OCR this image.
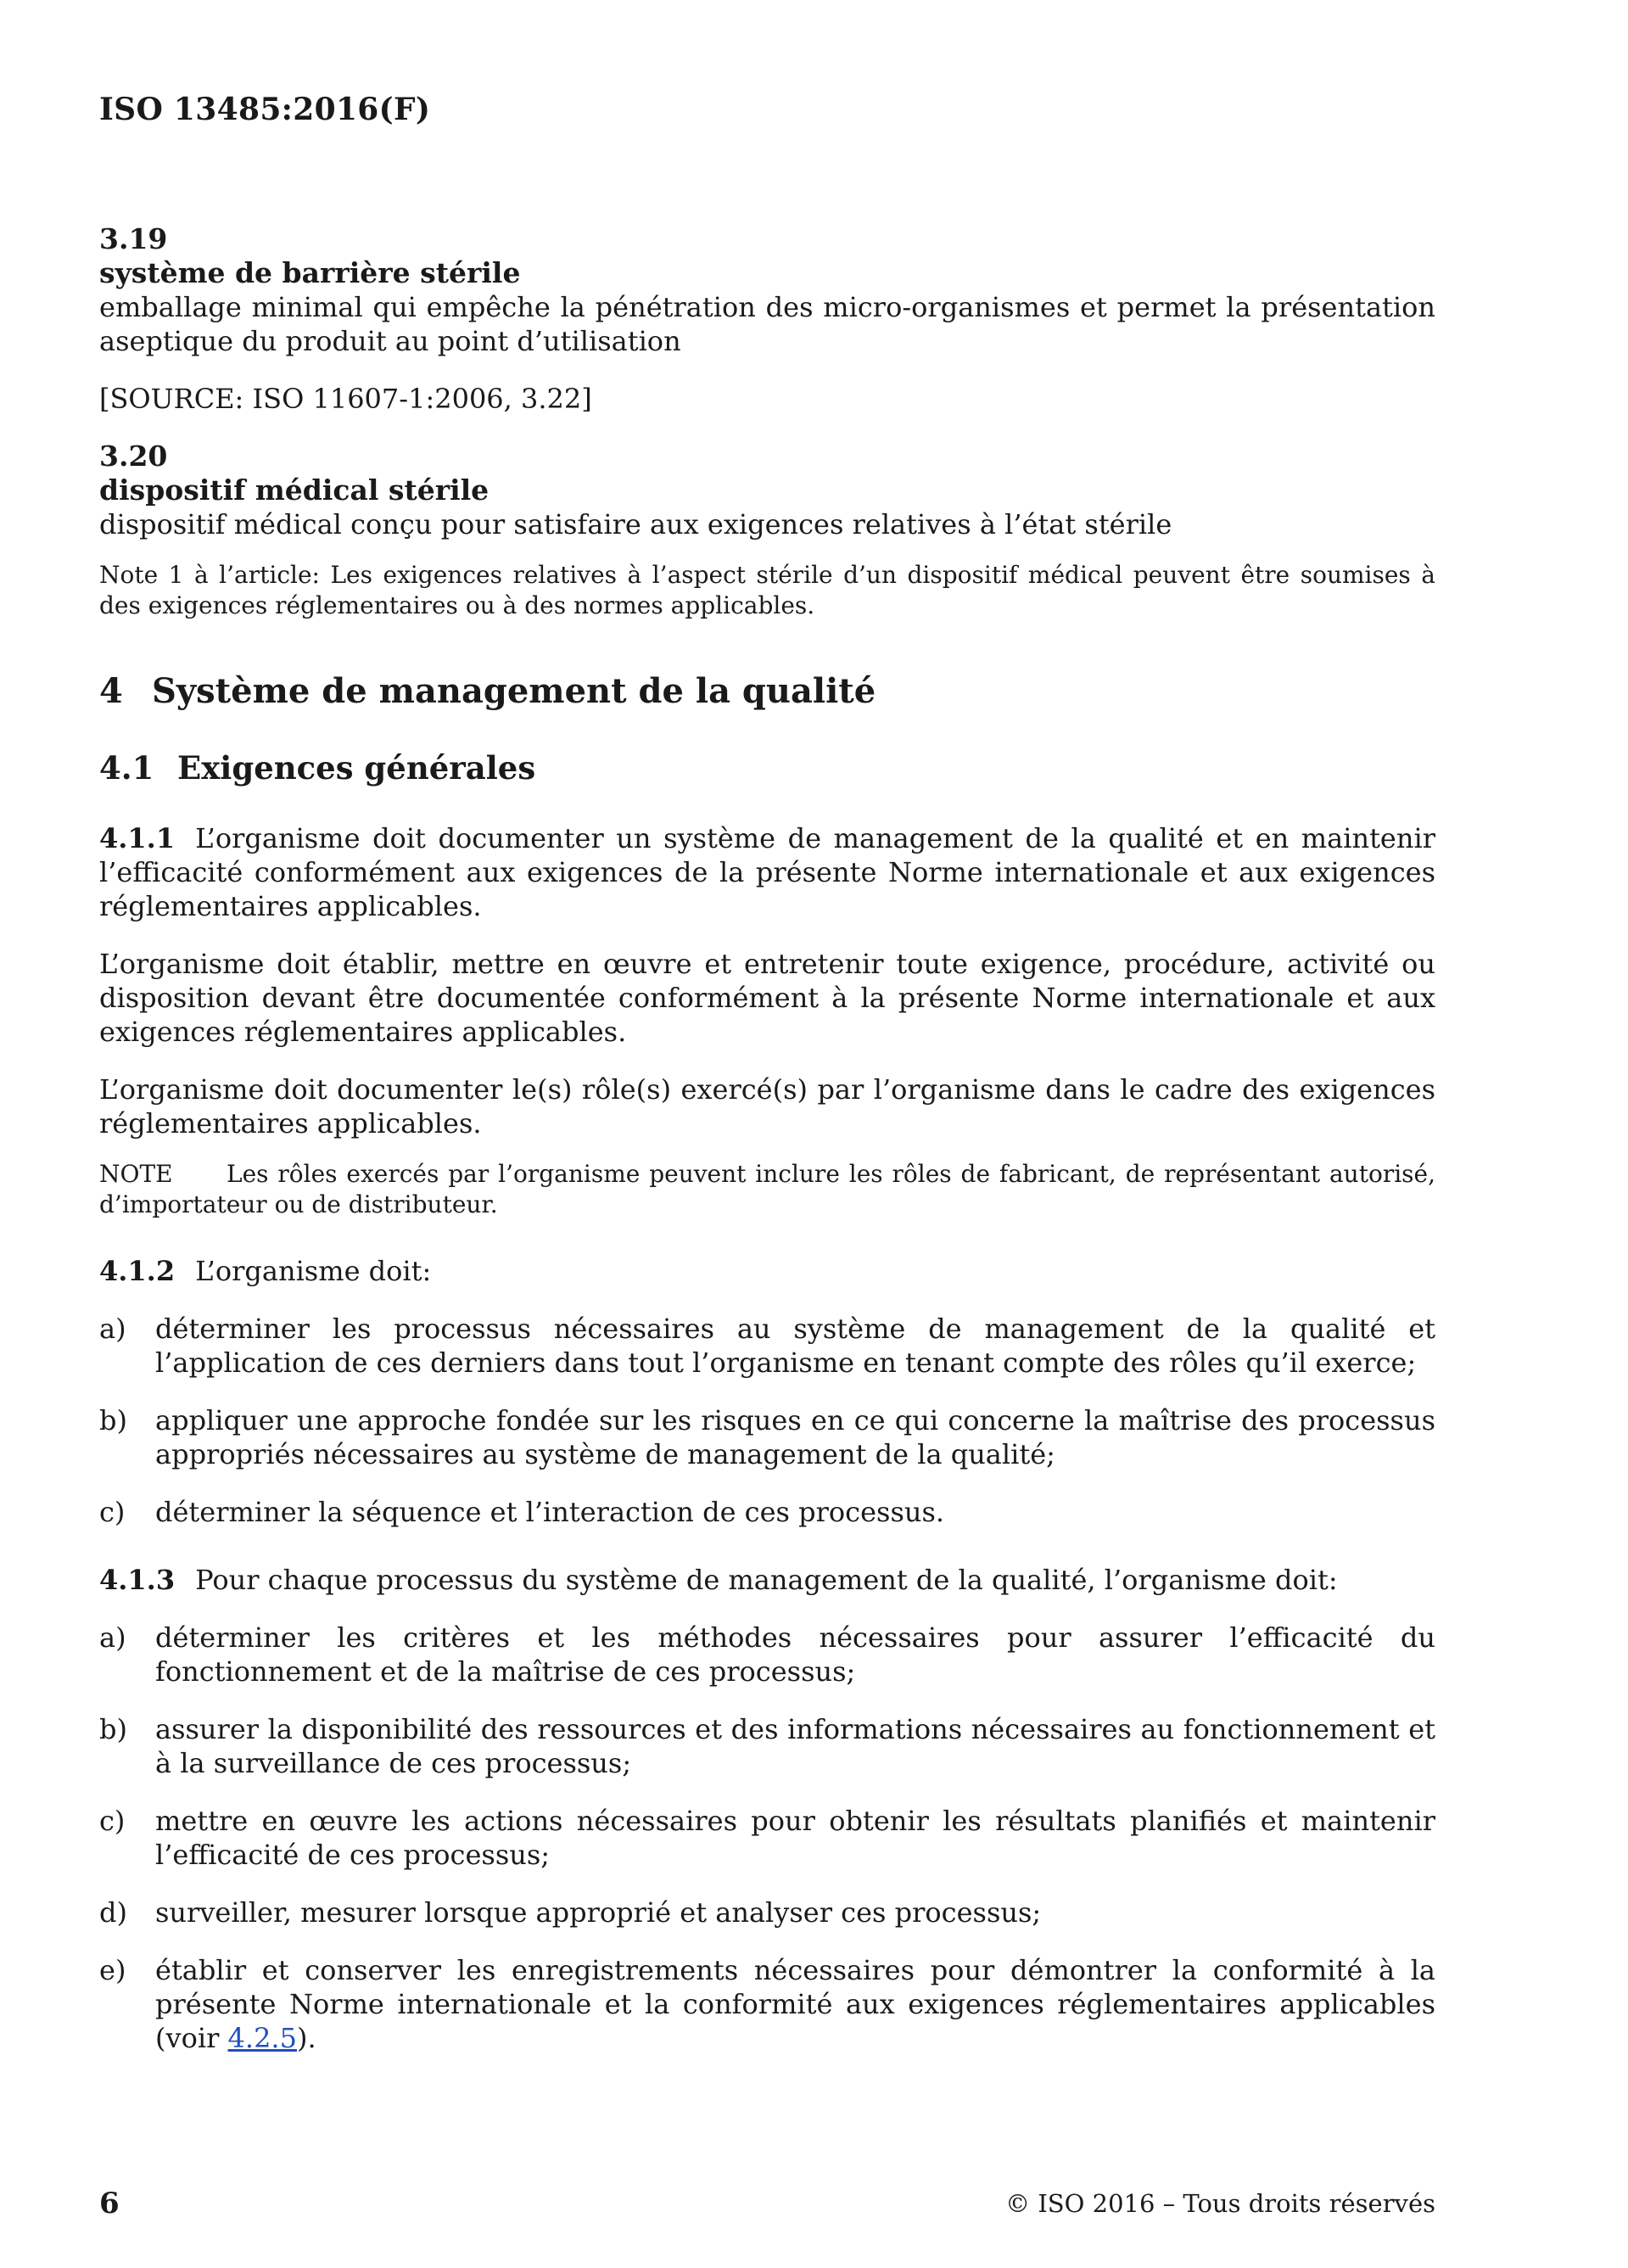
ISO 13485:2016(F)
3.19
système de barrière stérile

emballage minimal qui empêche la pénétration des micro-organismes et permet la présentation aseptique du produit au point d’utilisation

[SOURCE: ISO 11607-1:2006, 3.22]

3.20
dispositif médical stérile

dispositif médical conçu pour satisfaire aux exigences relatives à l’état stérile

Note 1 à l’article: Les exigences relatives à l’aspect stérile d’un dispositif médical peuvent être soumises à des exigences réglementaires ou à des normes applicables.

4 Système de management de la qualité
4.1 Exigences générales

4.1.1 L’organisme doit documenter un système de management de la qualité et en maintenir l’efficacité conformément aux exigences de la présente Norme internationale et aux exigences réglementaires applicables.

L’organisme doit établir, mettre en œuvre et entretenir toute exigence, procédure, activité ou disposition devant être documentée conformément à la présente Norme internationale et aux exigences réglementaires applicables.

L’organisme doit documenter le(s) rôle(s) exercé(s) par l’organisme dans le cadre des exigences réglementaires applicables.

NOTE Les rôles exercés par l’organisme peuvent inclure les rôles de fabricant, de représentant autorisé, d’importateur ou de distributeur.

4.1.2 L’organisme doit:

a) déterminer les processus nécessaires au système de management de la qualité et l’application de ces derniers dans tout l’organisme en tenant compte des rôles qu’il exerce;
b) appliquer une approche fondée sur les risques en ce qui concerne la maîtrise des processus appropriés nécessaires au système de management de la qualité;
c) déterminer la séquence et l’interaction de ces processus.

4.1.3 Pour chaque processus du système de management de la qualité, l’organisme doit:

a) déterminer les critères et les méthodes nécessaires pour assurer l’efficacité du fonctionnement et de la maîtrise de ces processus;
b) assurer la disponibilité des ressources et des informations nécessaires au fonctionnement et à la surveillance de ces processus;
c) mettre en œuvre les actions nécessaires pour obtenir les résultats planifiés et maintenir l’efficacité de ces processus;
d) surveiller, mesurer lorsque approprié et analyser ces processus;
e) établir et conserver les enregistrements nécessaires pour démontrer la conformité à la présente Norme internationale et la conformité aux exigences réglementaires applicables (voir 4.2.5).
6	© ISO 2016 – Tous droits réservés
